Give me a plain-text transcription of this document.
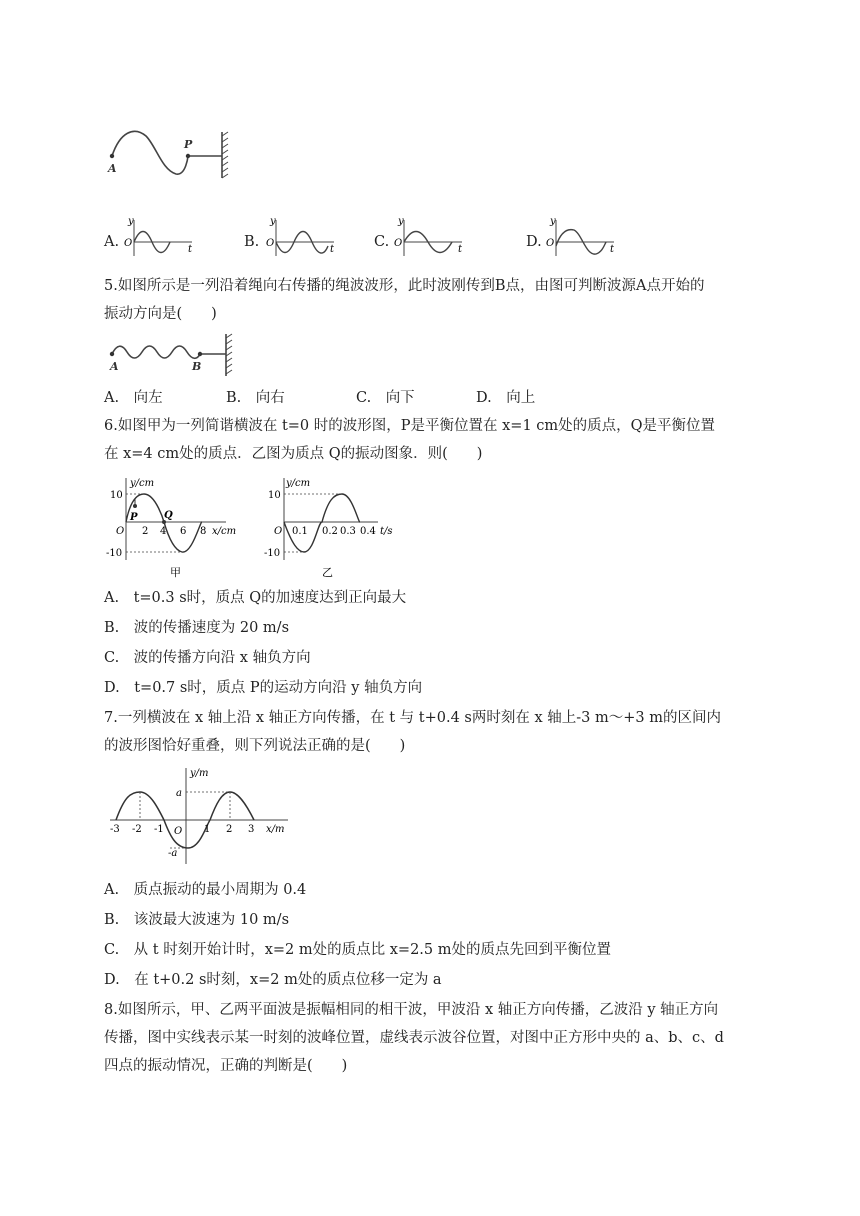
A
P
A.
y
O
t	B.
y
O
t	C.
y
O
t	D.
y
O
t
5.如图所示是一列沿着绳向右传播的绳波波形，此时波刚传到B点，由图可判断波源A点开始的
振动方向是(　　)
A	B
A.　 向左	B.　 向右	C.　 向下	D.　 向上
6.如图甲为一列简谐横波在 t=0 时的波形图，P是平衡位置在 x=1 cm处的质点，Q是平衡位置
在 x=4 cm处的质点．乙图为质点 Q的振动图象．则(　　)
y/cm
10
-10
O 2 4 6 8 x/cm
P	Q
甲
y/cm
10
-10
O 0.1 0.2 0.3 0.4 t/s
乙
A.　t=0.3 s时，质点 Q的加速度达到正向最大
B.　波的传播速度为 20 m/s
C.　波的传播方向沿 x 轴负方向
D.　t=0.7 s时，质点 P的运动方向沿 y 轴负方向
7.一列横波在 x 轴上沿 x 轴正方向传播，在 t 与 t+0.4 s两时刻在 x 轴上-3 m～+3 m的区间内
的波形图恰好重叠，则下列说法正确的是(　　)
y/m
a
-a
O
-3 -2 -1	1 2 3 x/m
A.　质点振动的最小周期为 0.4
B.　该波最大波速为 10 m/s
C.　从 t 时刻开始计时，x=2 m处的质点比 x=2.5 m处的质点先回到平衡位置
D.　在 t+0.2 s时刻，x=2 m处的质点位移一定为 a
8.如图所示，甲、乙两平面波是振幅相同的相干波，甲波沿 x 轴正方向传播，乙波沿 y 轴正方向
传播，图中实线表示某一时刻的波峰位置，虚线表示波谷位置，对图中正方形中央的 a、b、c、d
四点的振动情况，正确的判断是(　　)
